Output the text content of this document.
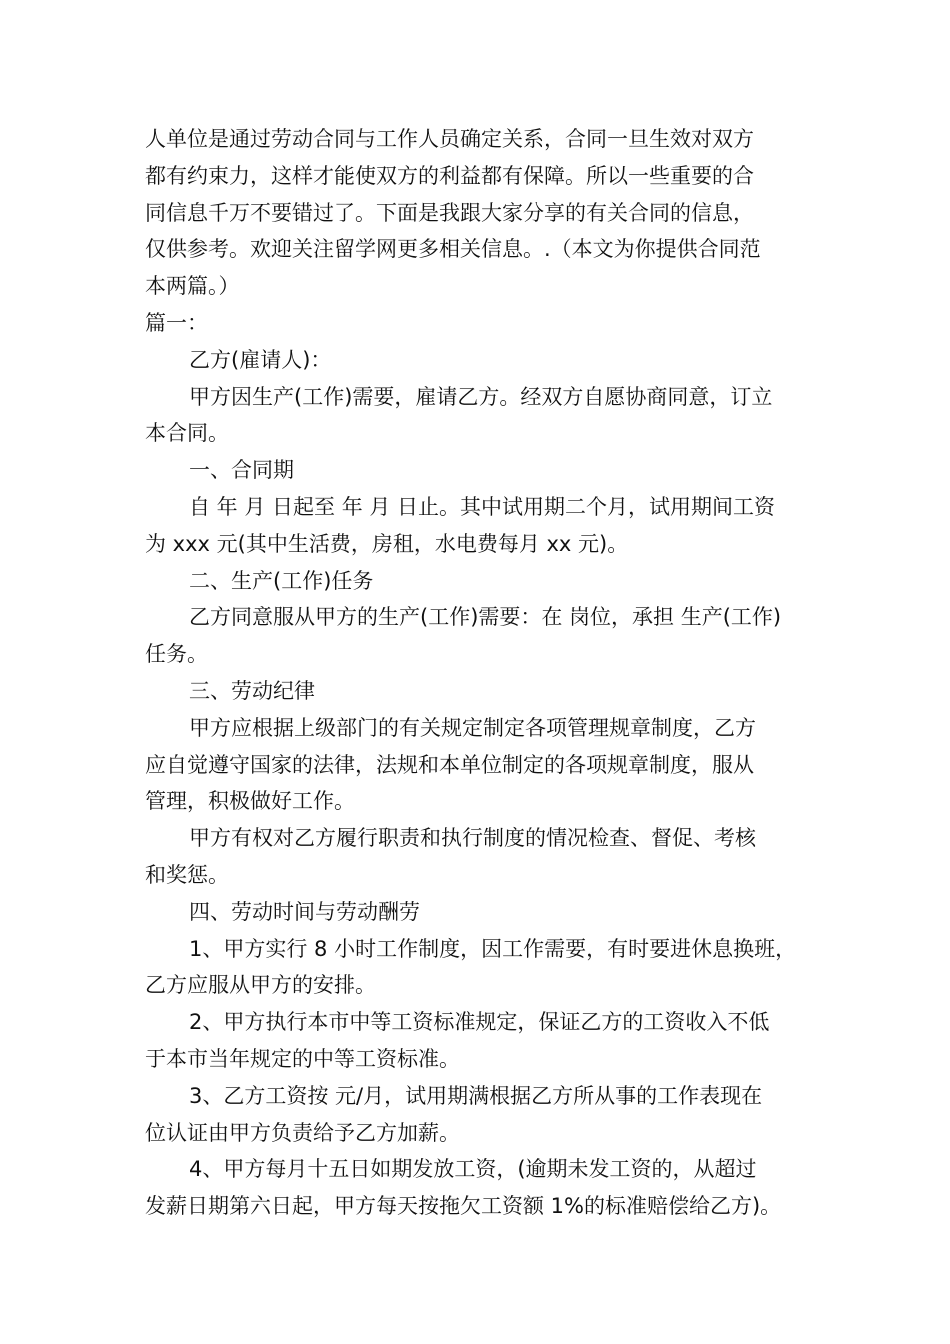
人单位是通过劳动合同与工作人员确定关系，合同一旦生效对双方
都有约束力，这样才能使双方的利益都有保障。所以一些重要的合
同信息千万不要错过了。下面是我跟大家分享的有关合同的信息，
仅供参考。欢迎关注留学网更多相关信息。.（本文为你提供合同范
本两篇。）
篇一：
乙方(雇请人)：
甲方因生产(工作)需要，雇请乙方。经双方自愿协商同意，订立
本合同。
一、合同期
自 年 月 日起至 年 月 日止。其中试用期二个月，试用期间工资
为 xxx 元(其中生活费，房租，水电费每月 xx 元)。
二、生产(工作)任务
乙方同意服从甲方的生产(工作)需要：在 岗位，承担 生产(工作)
任务。
三、劳动纪律
甲方应根据上级部门的有关规定制定各项管理规章制度，乙方
应自觉遵守国家的法律，法规和本单位制定的各项规章制度，服从
管理，积极做好工作。
甲方有权对乙方履行职责和执行制度的情况检查、督促、考核
和奖惩。
四、劳动时间与劳动酬劳
1、甲方实行 8 小时工作制度，因工作需要，有时要进休息换班，
乙方应服从甲方的安排。
2、甲方执行本市中等工资标准规定，保证乙方的工资收入不低
于本市当年规定的中等工资标准。
3、乙方工资按 元/月，试用期满根据乙方所从事的工作表现在
位认证由甲方负责给予乙方加薪。
4、甲方每月十五日如期发放工资，(逾期未发工资的，从超过
发薪日期第六日起，甲方每天按拖欠工资额 1%的标准赔偿给乙方)。
